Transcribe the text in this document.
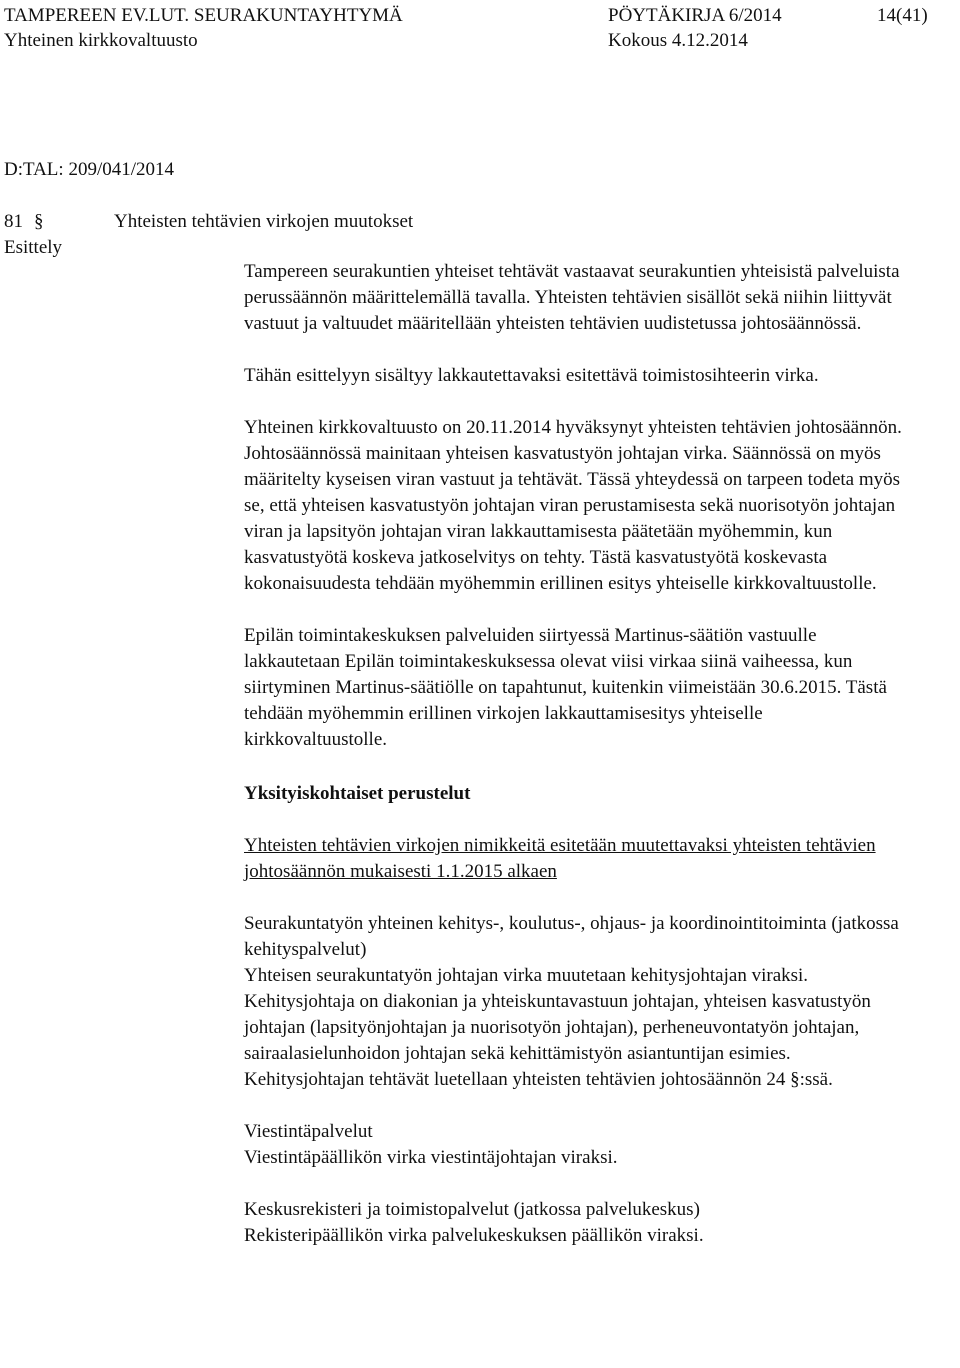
TAMPEREEN EV.LUT. SEURAKUNTAYHTYMÄ	PÖYTÄKIRJA 6/2014	14(41)
Yhteinen kirkkovaltuusto	Kokous 4.12.2014
D:TAL: 209/041/2014
81 §	Yhteisten tehtävien virkojen muutokset
Esittely

Tampereen seurakuntien yhteiset tehtävät vastaavat seurakuntien yhteisistä palveluista perussäännön määrittelemällä tavalla. Yhteisten tehtävien sisällöt sekä niihin liittyvät vastuut ja valtuudet määritellään yhteisten tehtävien uudistetussa johtosäännössä.

Tähän esittelyyn sisältyy lakkautettavaksi esitettävä toimistosihteerin virka.

Yhteinen kirkkovaltuusto on 20.11.2014 hyväksynyt yhteisten tehtävien johtosäännön. Johtosäännössä mainitaan yhteisen kasvatustyön johtajan virka. Säännössä on myös määritelty kyseisen viran vastuut ja tehtävät. Tässä yhteydessä on tarpeen todeta myös se, että yhteisen kasvatustyön johtajan viran perustamisesta sekä nuorisotyön johtajan viran ja lapsityön johtajan viran lakkauttamisesta päätetään myöhemmin, kun kasvatustyötä koskeva jatkoselvitys on tehty. Tästä kasvatustyötä koskevasta kokonaisuudesta tehdään myöhemmin erillinen esitys yhteiselle kirkkovaltuustolle.

Epilän toimintakeskuksen palveluiden siirtyessä Martinus-säätiön vastuulle lakkautetaan Epilän toimintakeskuksessa olevat viisi virkaa siinä vaiheessa, kun siirtyminen Martinus-säätiölle on tapahtunut, kuitenkin viimeistään 30.6.2015. Tästä tehdään myöhemmin erillinen virkojen lakkauttamisesitys yhteiselle kirkkovaltuustolle.

Yksityiskohtaiset perustelut

Yhteisten tehtävien virkojen nimikkeitä esitetään muutettavaksi yhteisten tehtävien johtosäännön mukaisesti 1.1.2015 alkaen

Seurakuntatyön yhteinen kehitys-, koulutus-, ohjaus- ja koordinointitoiminta (jatkossa kehityspalvelut)

Yhteisen seurakuntatyön johtajan virka muutetaan kehitysjohtajan viraksi. Kehitysjohtaja on diakonian ja yhteiskuntavastuun johtajan, yhteisen kasvatustyön johtajan (lapsityönjohtajan ja nuorisotyön johtajan), perheneuvontatyön johtajan, sairaalasielunhoidon johtajan sekä kehittämistyön asiantuntijan esimies. Kehitysjohtajan tehtävät luetellaan yhteisten tehtävien johtosäännön 24 §:ssä.

Viestintäpalvelut

Viestintäpäällikön virka viestintäjohtajan viraksi.

Keskusrekisteri ja toimistopalvelut (jatkossa palvelukeskus)

Rekisteripäällikön virka palvelukeskuksen päällikön viraksi.
